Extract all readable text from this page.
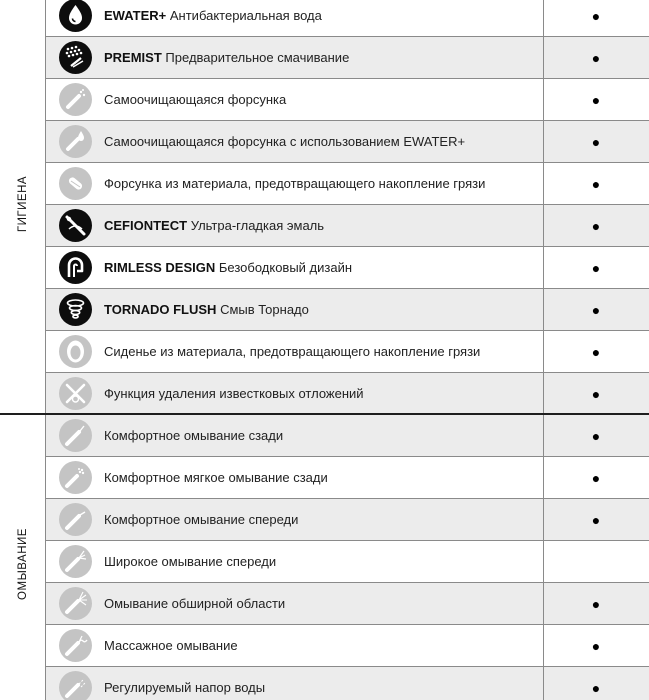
ГИГИЕНА
EWATER+ Антибактериальная вода	●
PREMIST Предварительное смачивание	●
Самоочищающаяся форсунка	●
Самоочищающаяся форсунка с использованием EWATER+	●
Форсунка из материала, предотвращающего накопление грязи	●
CEFIONTECT Ультра-гладкая эмаль	●
RIMLESS DESIGN Безободковый дизайн	●
TORNADO FLUSH Смыв Торнадо	●
Сиденье из материала, предотвращающего накопление грязи	●
Функция удаления известковых отложений	●
ОМЫВАНИЕ
Комфортное омывание сзади	●
Комфортное мягкое омывание сзади	●
Комфортное омывание спереди	●
Широкое омывание спереди
Омывание обширной области	●
Массажное омывание	●
Регулируемый напор воды	●
